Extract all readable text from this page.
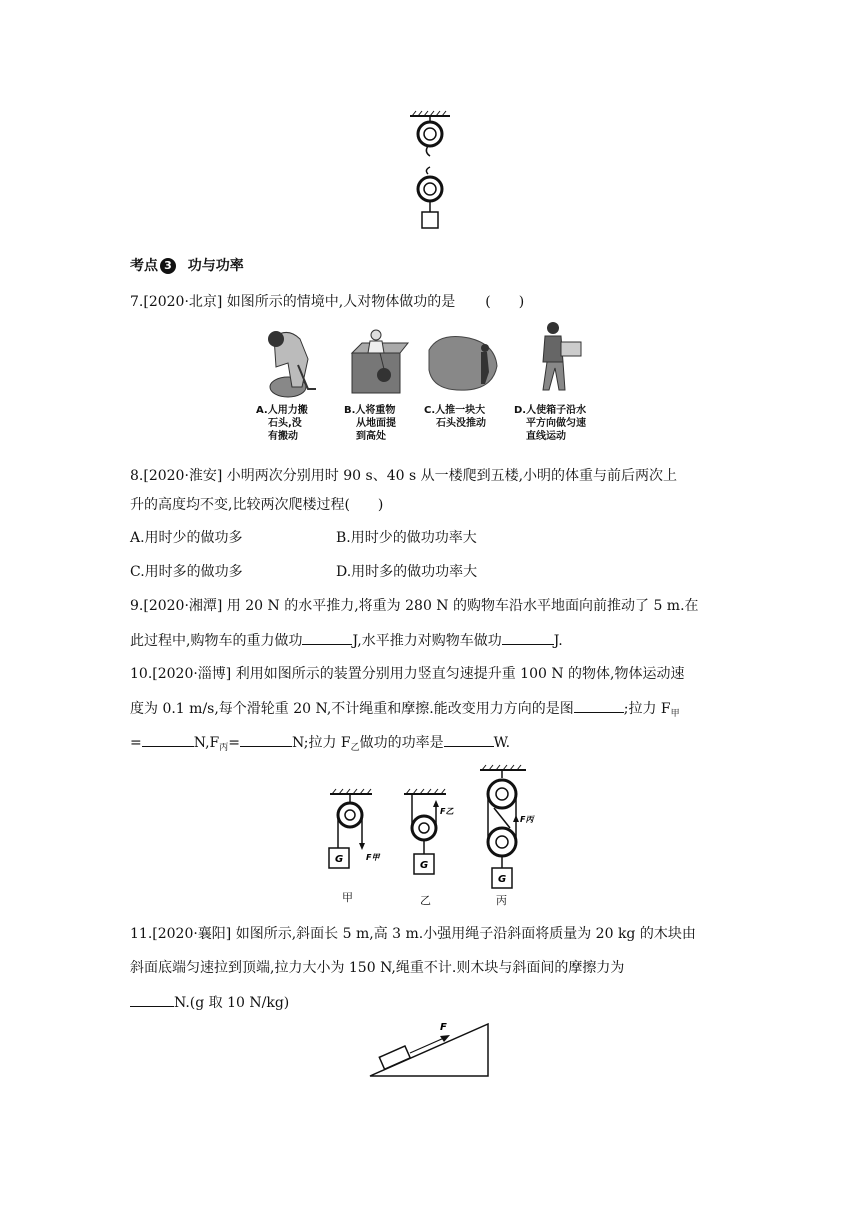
考点 3 功与功率
7.[2020·北京] 如图所示的情境中,人对物体做功的是 (　　)
A.人用力搬
石头,没
有搬动
B.人将重物
从地面提
到高处
C.人推一块大
石头没推动
D.人使箱子沿水
平方向做匀速
直线运动
8.[2020·淮安] 小明两次分别用时 90 s、40 s 从一楼爬到五楼,小明的体重与前后两次上
升的高度均不变,比较两次爬楼过程(　　)
A.用时少的做功多	B.用时少的做功功率大
C.用时多的做功多	D.用时多的做功功率大
9.[2020·湘潭] 用 20 N 的水平推力,将重为 280 N 的购物车沿水平地面向前推动了 5 m.在
此过程中,购物车的重力做功	J,水平推力对购物车做功	J.
10.[2020·淄博] 利用如图所示的装置分别用力竖直匀速提升重 100 N 的物体,物体运动速
度为 0.1 m/s,每个滑轮重 20 N,不计绳重和摩擦.能改变用力方向的是图	;拉力 $F_甲$
=	$N,F_丙=$	N;拉力 $F_乙$做功的功率是	W.
G	F甲
G
F乙
G
F丙
甲	乙	丙
11.[2020·襄阳] 如图所示,斜面长 5 m,高 3 m.小强用绳子沿斜面将质量为 20 kg 的木块由
斜面底端匀速拉到顶端,拉力大小为 150 N,绳重不计.则木块与斜面间的摩擦力为
N.(g 取 10 N/kg)
F
